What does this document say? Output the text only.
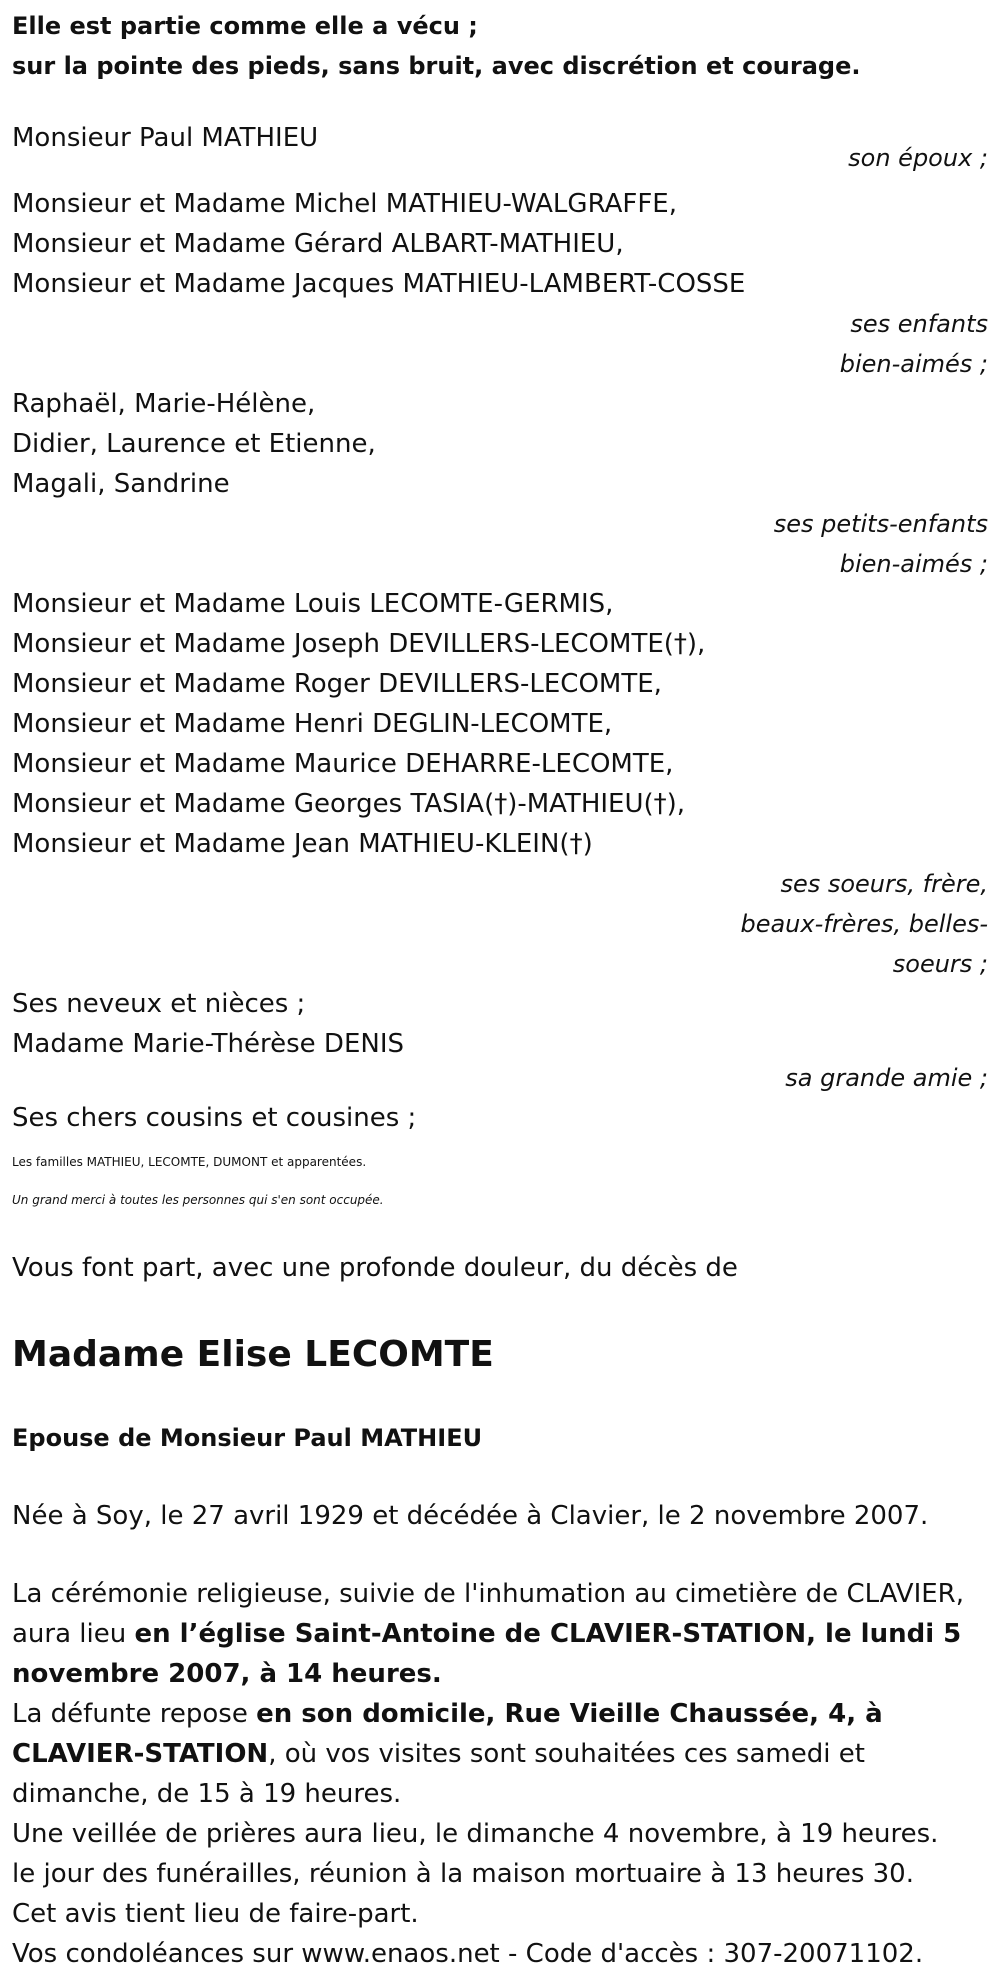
Elle est partie comme elle a vécu ;

sur la pointe des pieds, sans bruit, avec discrétion et courage.

Monsieur Paul MATHIEU

son époux ;

Monsieur et Madame Michel MATHIEU-WALGRAFFE,

Monsieur et Madame Gérard ALBART-MATHIEU,

Monsieur et Madame Jacques MATHIEU-LAMBERT-COSSE

ses enfants

bien-aimés ;

Raphaël, Marie-Hélène,

Didier, Laurence et Etienne,

Magali, Sandrine

ses petits-enfants

bien-aimés ;

Monsieur et Madame Louis LECOMTE-GERMIS,

Monsieur et Madame Joseph DEVILLERS-LECOMTE(†),

Monsieur et Madame Roger DEVILLERS-LECOMTE,

Monsieur et Madame Henri DEGLIN-LECOMTE,

Monsieur et Madame Maurice DEHARRE-LECOMTE,

Monsieur et Madame Georges TASIA(†)-MATHIEU(†),

Monsieur et Madame Jean MATHIEU-KLEIN(†)

ses soeurs, frère,

beaux-frères, belles-

soeurs ;

Ses neveux et nièces ;

Madame Marie-Thérèse DENIS

sa grande amie ;

Ses chers cousins et cousines ;

Les familles MATHIEU, LECOMTE, DUMONT et apparentées.

Un grand merci à toutes les personnes qui s'en sont occupée.

Vous font part, avec une profonde douleur, du décès de

Madame Elise LECOMTE

Epouse de Monsieur Paul MATHIEU

Née à Soy, le 27 avril 1929 et décédée à Clavier, le 2 novembre 2007.

La cérémonie religieuse, suivie de l'inhumation au cimetière de CLAVIER, aura lieu en l’église Saint-Antoine de CLAVIER-STATION, le lundi 5 novembre 2007, à 14 heures.

La défunte repose en son domicile, Rue Vieille Chaussée, 4, à CLAVIER-STATION, où vos visites sont souhaitées ces samedi et dimanche, de 15 à 19 heures.

Une veillée de prières aura lieu, le dimanche 4 novembre, à 19 heures.

le jour des funérailles, réunion à la maison mortuaire à 13 heures 30.

Cet avis tient lieu de faire-part.

Vos condoléances sur www.enaos.net - Code d'accès : 307-20071102.
